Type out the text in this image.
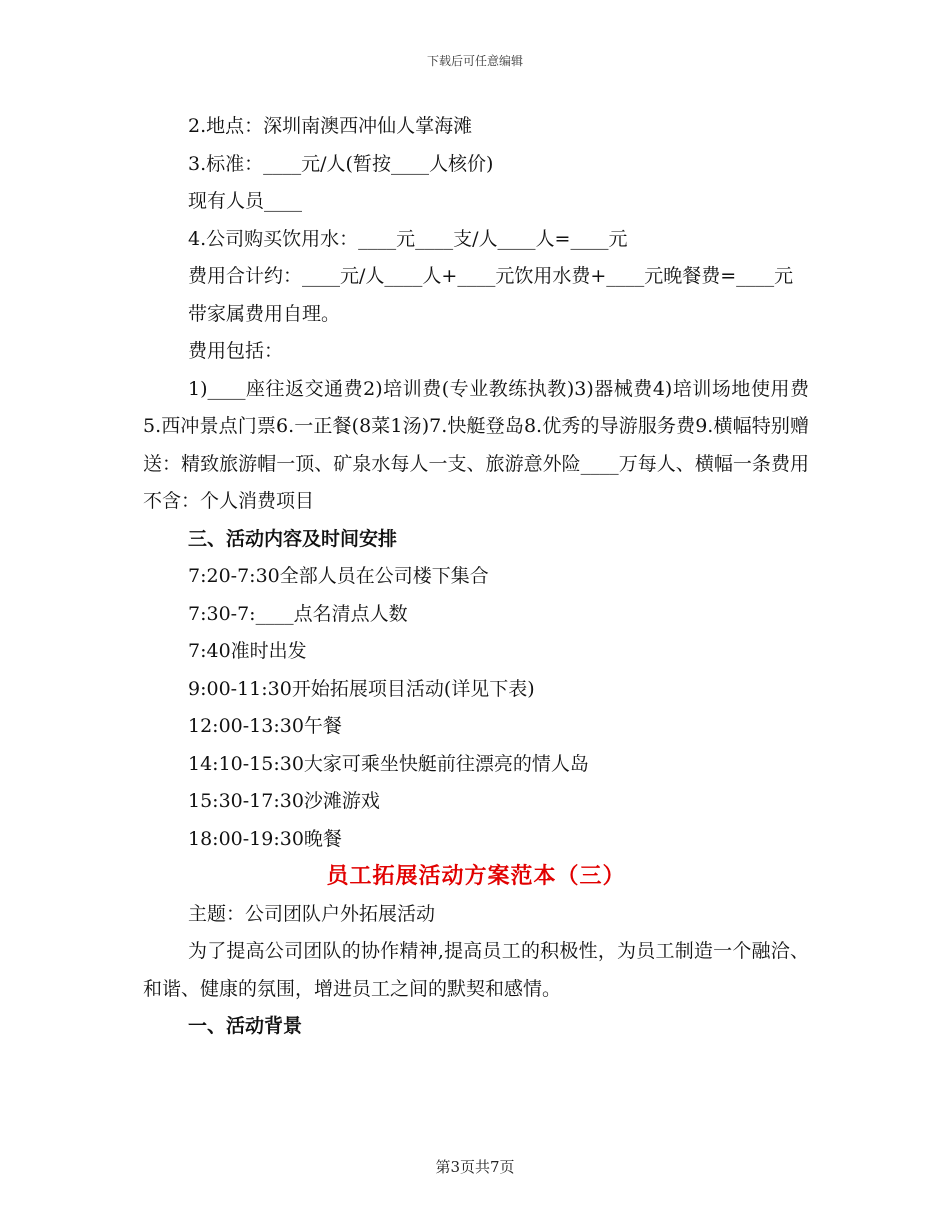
下载后可任意编辑

2.地点：深圳南澳西冲仙人掌海滩

3.标准：____元/人(暂按____人核价)

现有人员____

4.公司购买饮用水：____元____支/人____人=____元

费用合计约：____元/人____人+____元饮用水费+____元晚餐费=____元

带家属费用自理。

费用包括：

1)____座往返交通费2)培训费(专业教练执教)3)器械费4)培训场地使用费5.西冲景点门票6.一正餐(8菜1汤)7.快艇登岛8.优秀的导游服务费9.横幅特别赠送：精致旅游帽一顶、矿泉水每人一支、旅游意外险____万每人、横幅一条费用不含：个人消费项目

三、活动内容及时间安排

7:20-7:30全部人员在公司楼下集合

7:30-7:____点名清点人数

7:40准时出发

9:00-11:30开始拓展项目活动(详见下表)

12:00-13:30午餐

14:10-15:30大家可乘坐快艇前往漂亮的情人岛

15:30-17:30沙滩游戏

18:00-19:30晚餐

员工拓展活动方案范本（三）

主题：公司团队户外拓展活动

为了提高公司团队的协作精神,提高员工的积极性，为员工制造一个融洽、和谐、健康的氛围，增进员工之间的默契和感情。

一、活动背景

第3页共7页
